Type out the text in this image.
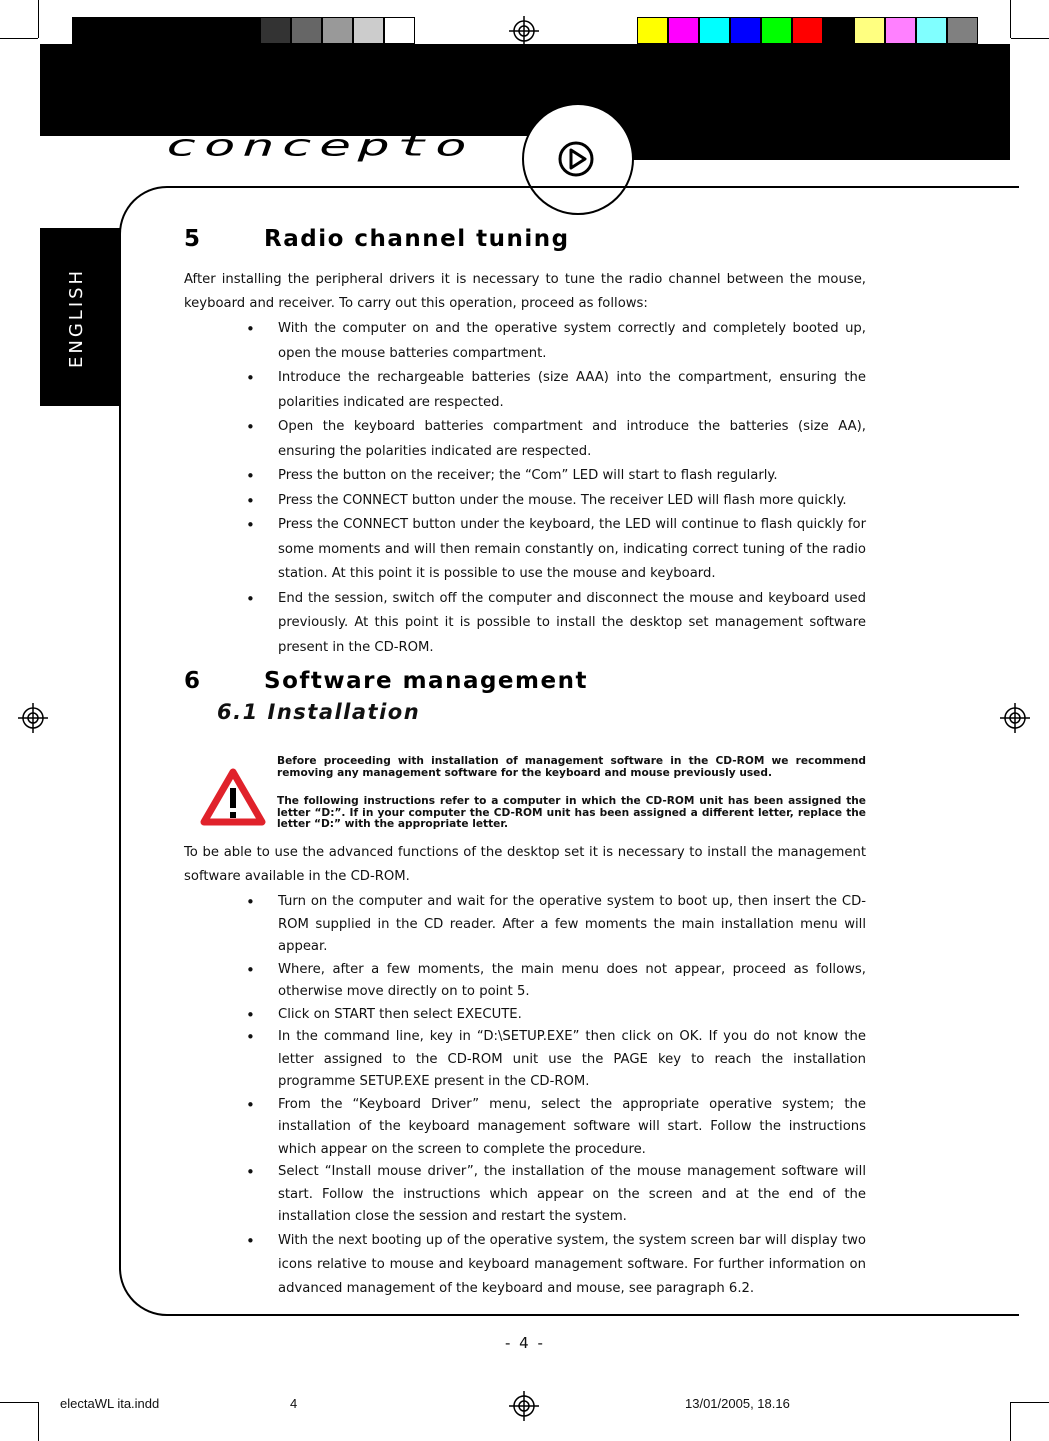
concepto
ENGLISH
5	Radio channel tuning

After installing the peripheral drivers it is necessary to tune the radio channel between the mouse, keyboard and receiver. To carry out this operation, proceed as follows:

• With the computer on and the operative system correctly and completely booted up, open the mouse batteries compartment.
• Introduce the rechargeable batteries (size AAA) into the compartment, ensuring the polarities indicated are respected.
• Open the keyboard batteries compartment and introduce the batteries (size AA), ensuring the polarities indicated are respected.
• Press the button on the receiver; the “Com” LED will start to flash regularly.
• Press the CONNECT button under the mouse. The receiver LED will flash more quickly.
• Press the CONNECT button under the keyboard, the LED will continue to flash quickly for some moments and will then remain constantly on, indicating correct tuning of the radio station. At this point it is possible to use the mouse and keyboard.
• End the session, switch off the computer and disconnect the mouse and keyboard used previously. At this point it is possible to install the desktop set management software present in the CD-ROM.
6	Software management
6.1 Installation

Before proceeding with installation of management software in the CD-ROM we recommend removing any management software for the keyboard and mouse previously used.

The following instructions refer to a computer in which the CD-ROM unit has been assigned the letter “D:”. If in your computer the CD-ROM unit has been assigned a different letter, replace the letter “D:” with the appropriate letter.

To be able to use the advanced functions of the desktop set it is necessary to install the management software available in the CD-ROM.

• Turn on the computer and wait for the operative system to boot up, then insert the CD-ROM supplied in the CD reader. After a few moments the main installation menu will appear.
• Where, after a few moments, the main menu does not appear, proceed as follows, otherwise move directly on to point 5.
• Click on START then select EXECUTE.
• In the command line, key in “D:\SETUP.EXE” then click on OK. If you do not know the letter assigned to the CD-ROM unit use the PAGE key to reach the installation programme SETUP.EXE present in the CD-ROM.
• From the “Keyboard Driver” menu, select the appropriate operative system; the installation of the keyboard management software will start. Follow the instructions which appear on the screen to complete the procedure.
• Select “Install mouse driver”, the installation of the mouse management software will start. Follow the instructions which appear on the screen and at the end of the installation close the session and restart the system.
• With the next booting up of the operative system, the system screen bar will display two icons relative to mouse and keyboard management software. For further information on advanced management of the keyboard and mouse, see paragraph 6.2.
- 4 -
electaWL ita.indd	4	13/01/2005, 18.16
